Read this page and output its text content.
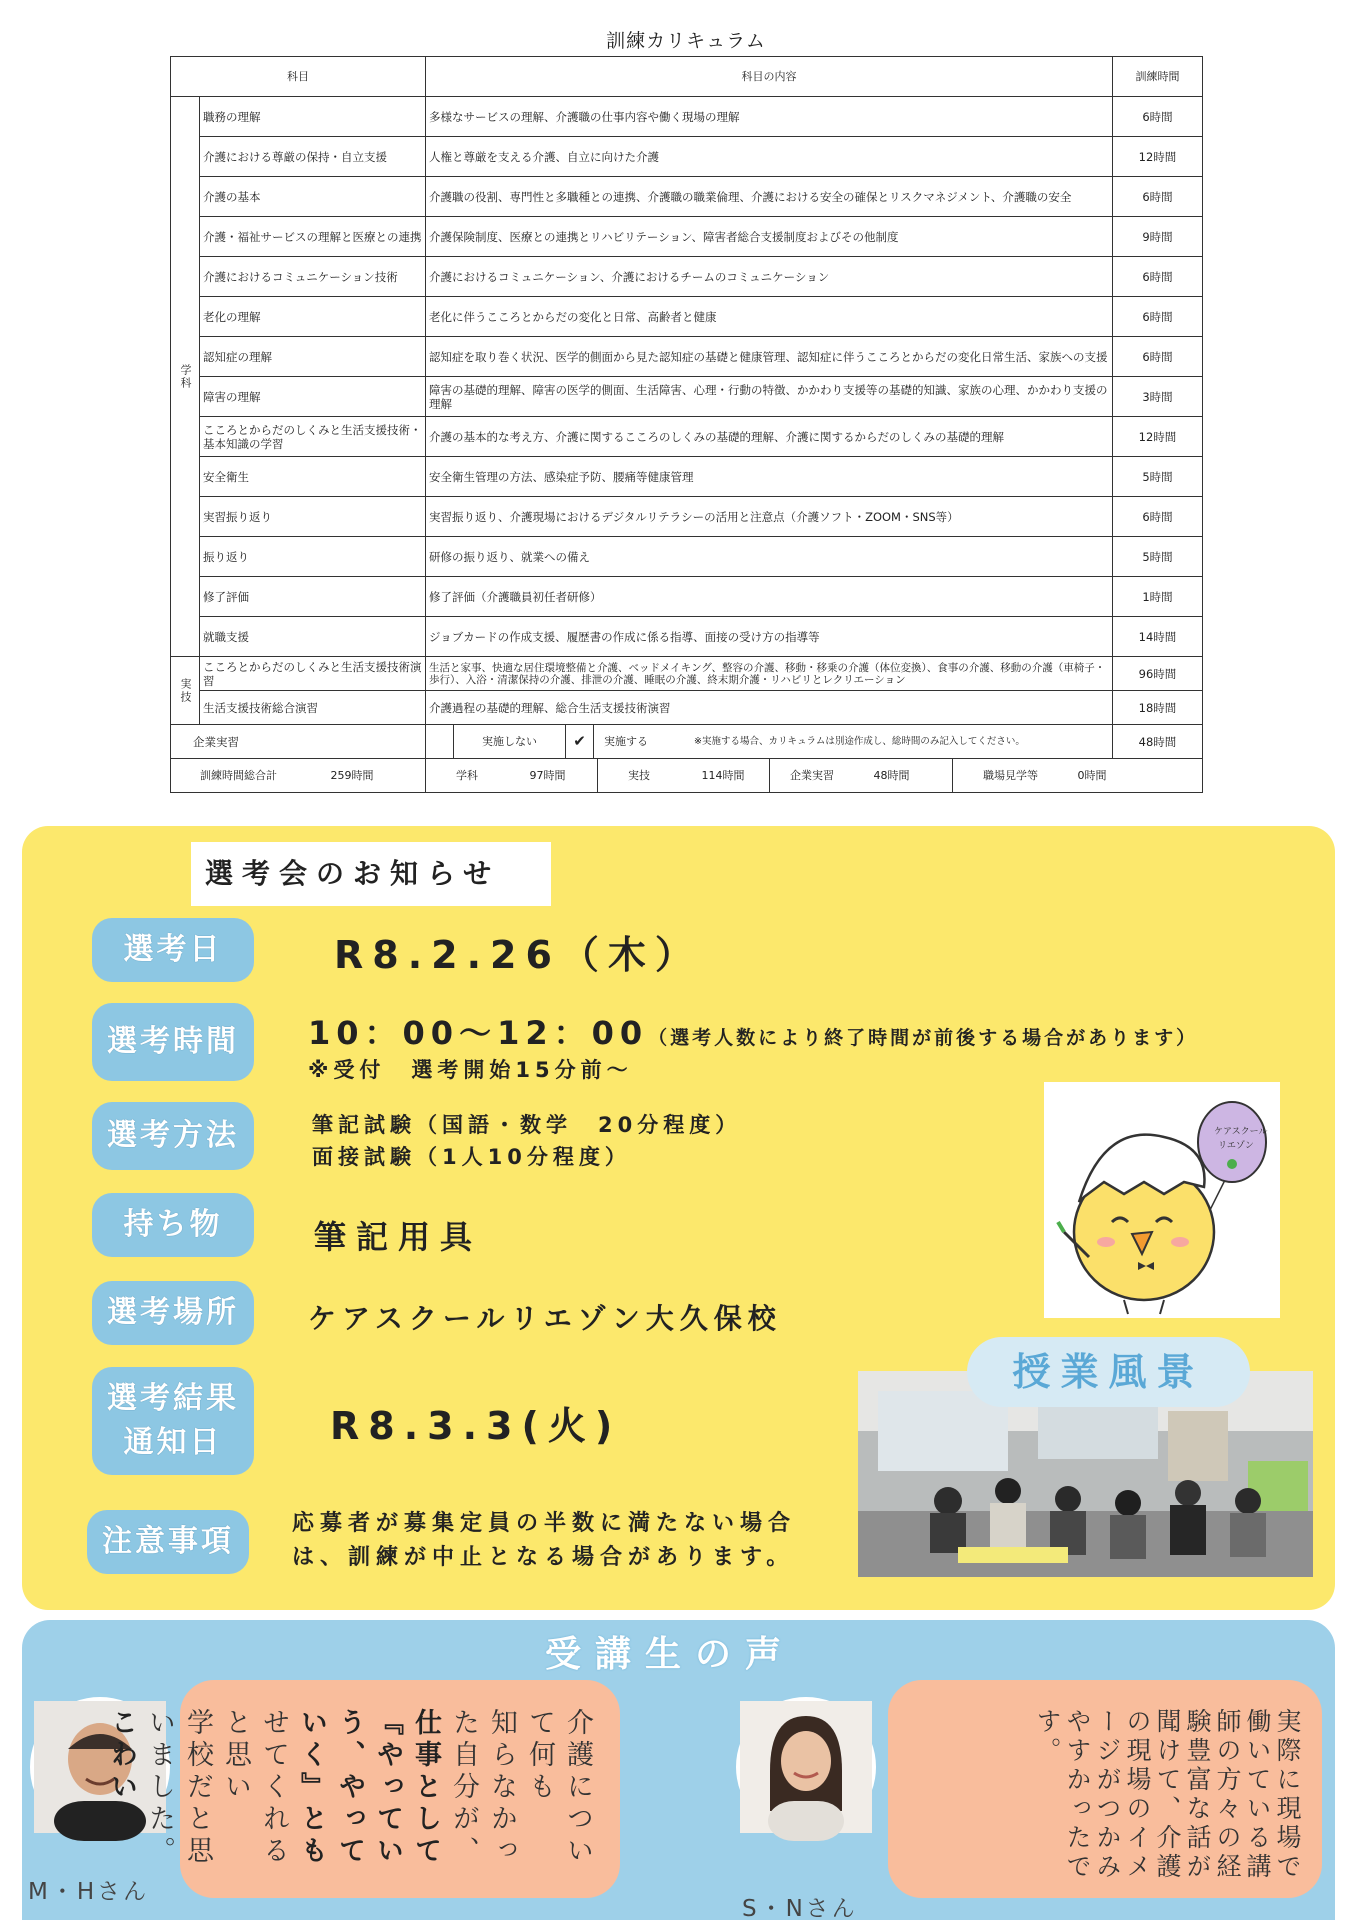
訓練カリキュラム
科目		科目の内容	訓練時間
学科	職務の理解	多様なサービスの理解、介護職の仕事内容や働く現場の理解	6時間
	介護における尊厳の保持・自立支援	人権と尊厳を支える介護、自立に向けた介護	12時間
	介護の基本	介護職の役割、専門性と多職種との連携、介護職の職業倫理、介護における安全の確保とリスクマネジメント、介護職の安全	6時間
	介護・福祉サービスの理解と医療との連携	介護保険制度、医療との連携とリハビリテーション、障害者総合支援制度およびその他制度	9時間
	介護におけるコミュニケーション技術	介護におけるコミュニケーション、介護におけるチームのコミュニケーション	6時間
	老化の理解	老化に伴うこころとからだの変化と日常、高齢者と健康	6時間
	認知症の理解	認知症を取り巻く状況、医学的側面から見た認知症の基礎と健康管理、認知症に伴うこころとからだの変化日常生活、家族への支援	6時間
	障害の理解	障害の基礎的理解、障害の医学的側面、生活障害、心理・行動の特徴、かかわり支援等の基礎的知識、家族の心理、かかわり支援の理解	3時間
	こころとからだのしくみと生活支援技術・基本知識の学習	介護の基本的な考え方、介護に関するこころのしくみの基礎的理解、介護に関するからだのしくみの基礎的理解	12時間
	安全衛生	安全衛生管理の方法、感染症予防、腰痛等健康管理	5時間
	実習振り返り	実習振り返り、介護現場におけるデジタルリテラシーの活用と注意点（介護ソフト・ZOOM・SNS等）	6時間
	振り返り	研修の振り返り、就業への備え	5時間
	修了評価	修了評価（介護職員初任者研修）	1時間
	就職支援	ジョブカードの作成支援、履歴書の作成に係る指導、面接の受け方の指導等	14時間
実技	こころとからだのしくみと生活支援技術演習	生活と家事、快適な居住環境整備と介護、ベッドメイキング、整容の介護、移動・移乗の介護（体位変換）、食事の介護、移動の介護（車椅子・歩行）、入浴・清潔保持の介護、排泄の介護、睡眠の介護、終末期介護・リハビリとレクリエーション	96時間
	生活支援技術総合演習	介護過程の基礎的理解、総合生活支援技術演習	18時間
企業実習		実施しない ✔ 実施する ※実施する場合、カリキュラムは別途作成し、総時間のみ記入してください。	48時間
訓練時間総合計 259時間		学科 97時間 実技 114時間 企業実習 48時間 職場見学等 0時間	
選考会のお知らせ
選考日	R8.2.26（木）
選考時間	10：00～12：00（選考人数により終了時間が前後する場合があります）
※受付　選考開始15分前～
選考方法	筆記試験（国語・数学　20分程度）
面接試験（1人10分程度）
持ち物	筆記用具
選考場所	ケアスクールリエゾン大久保校
選考結果
通知日	R8.3.3(火)
注意事項
応募者が募集定員の半数に満たない場合
は、訓練が中止となる場合があります。
ケアスクール
リエゾン
授業風景
受講生の声
M・Hさん
介護について何も
知らなかった自分が、
仕事として『やってい
う、やっていく』とも
せてくれると思い
学校だと思いました。
こわい
S・Nさん
実際に現場で働いている講師の方々の経験豊富な話が聞けて、介護の現場のイメージがつかみやすかったです。
